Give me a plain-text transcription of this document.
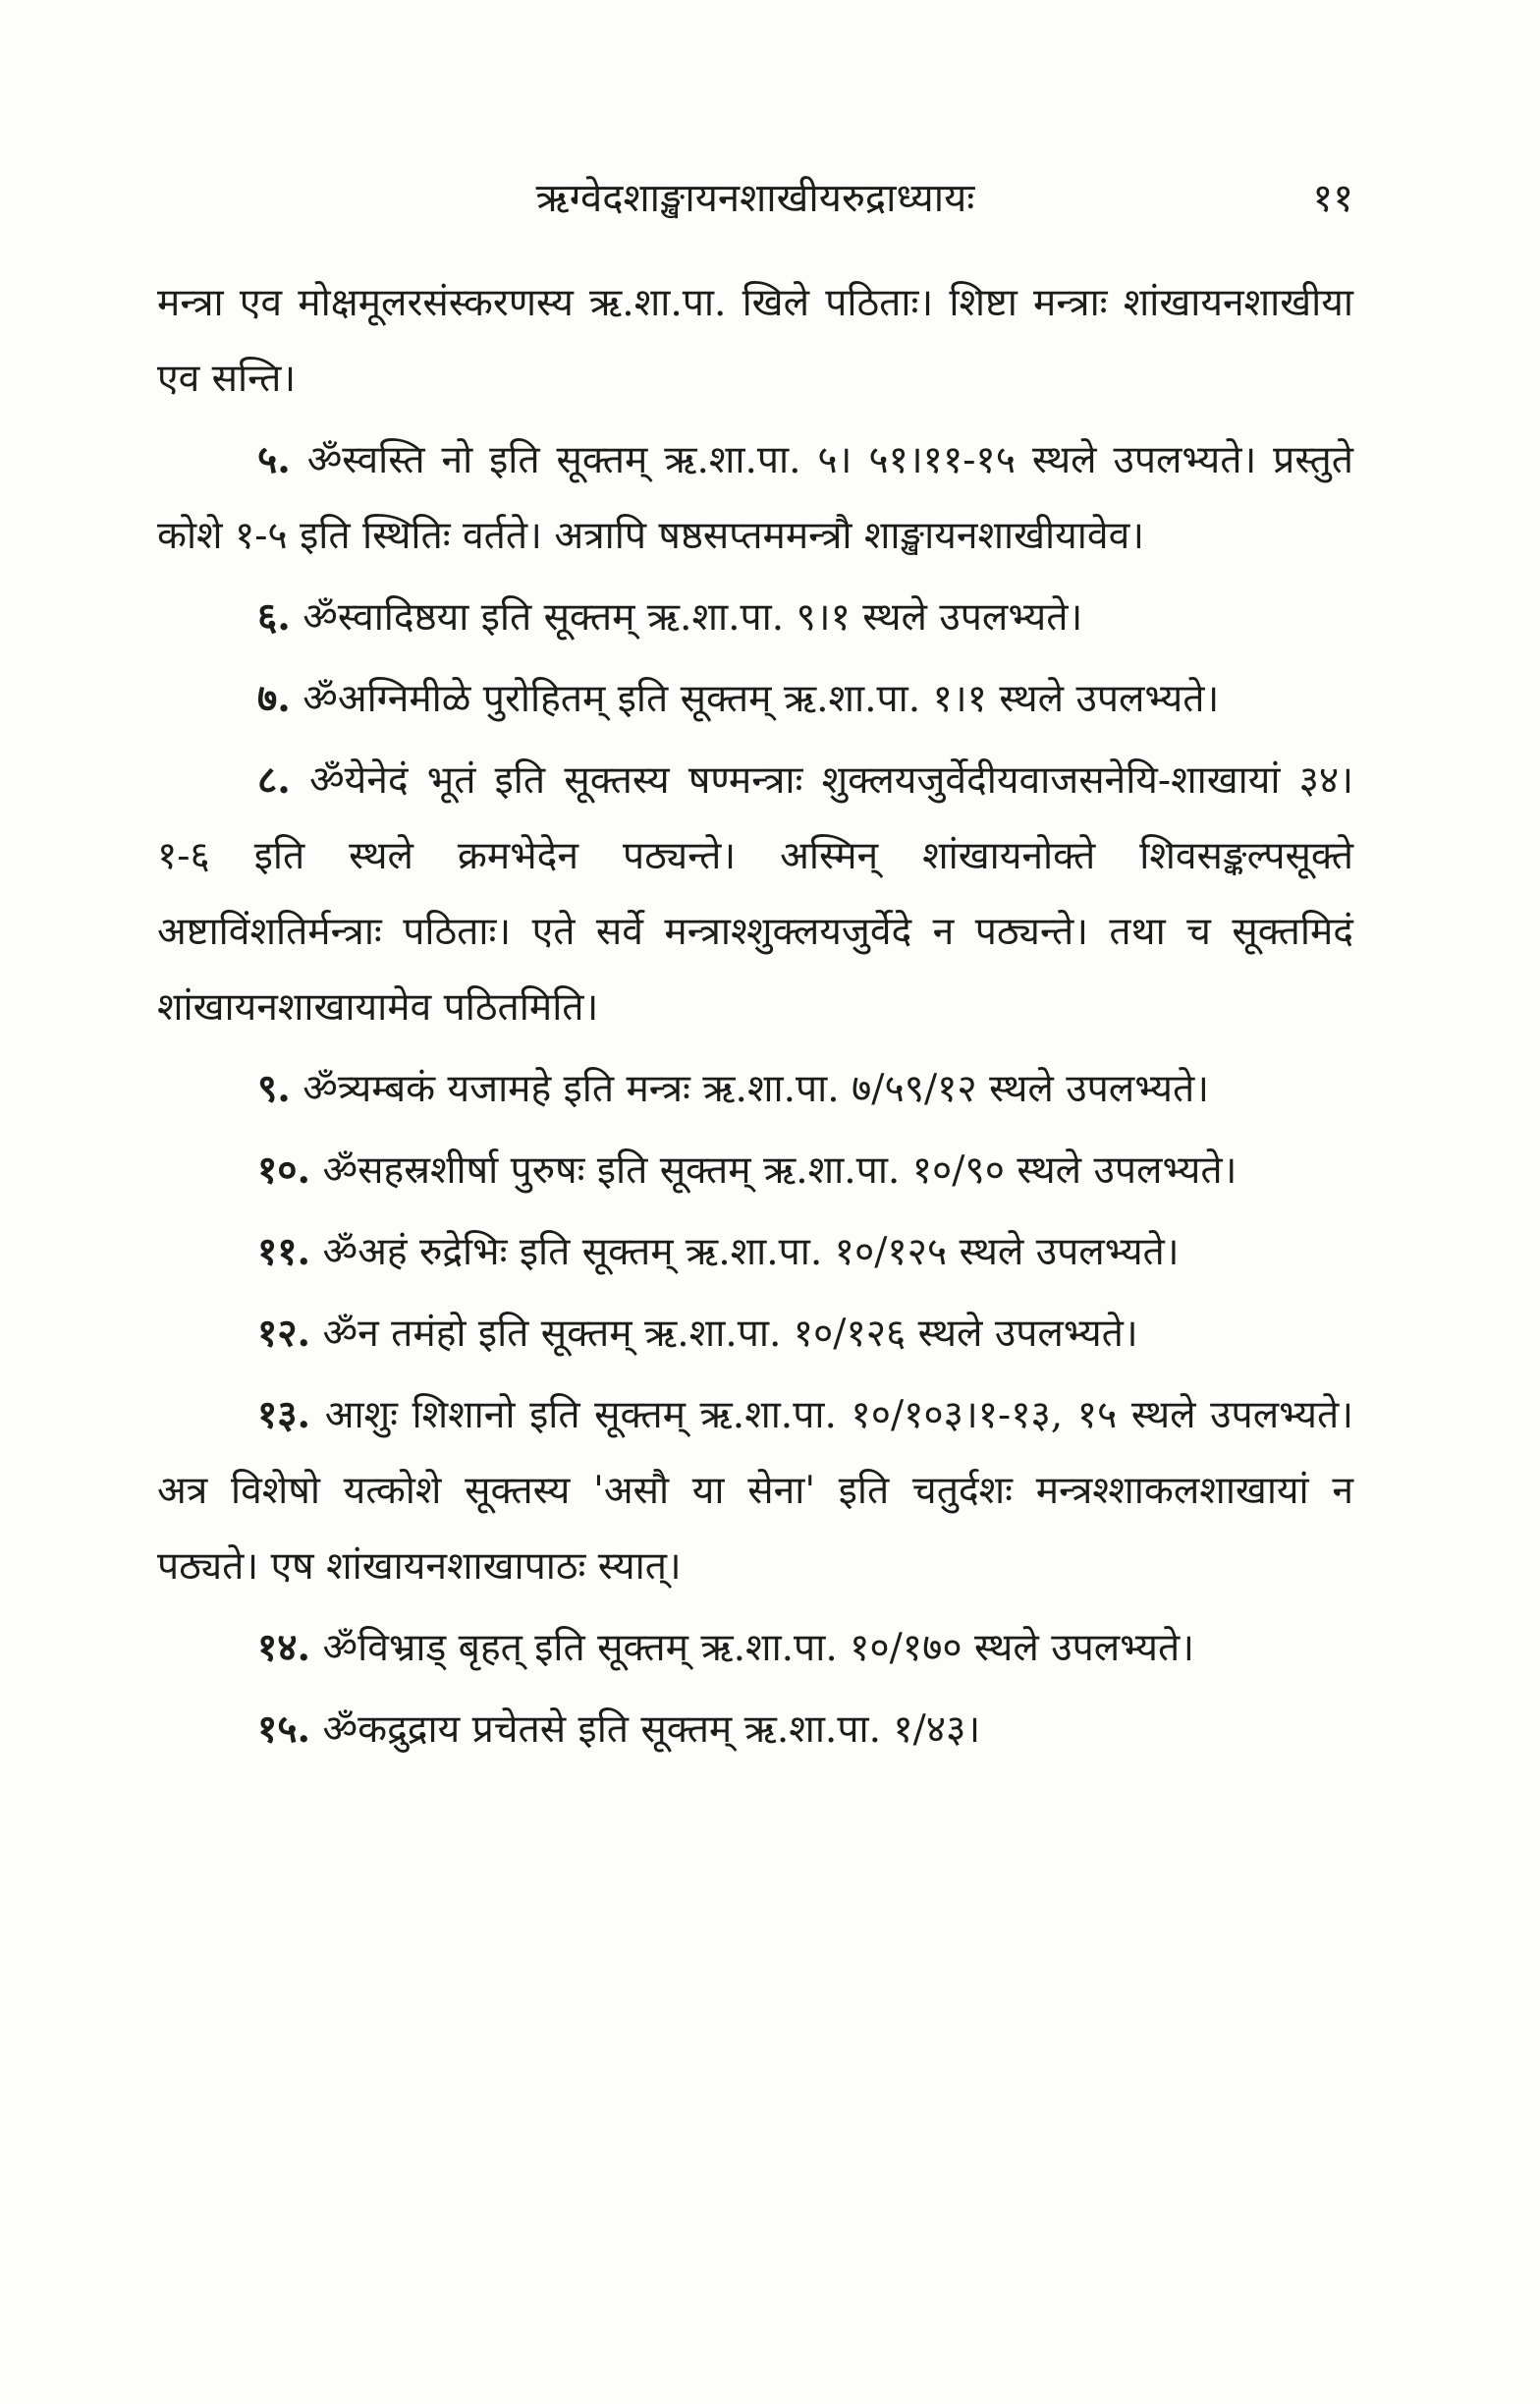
ऋग्वेदशाङ्खायनशाखीयरुद्राध्यायः	११

मन्त्रा एव मोक्षमूलरसंस्करणस्य ऋ.शा.पा. खिले पठिताः। शिष्टा मन्त्राः शांखायनशाखीया एव सन्ति।

५. ॐस्वस्ति नो इति सूक्तम् ऋ.शा.पा. ५। ५१।११-१५ स्थले उपलभ्यते। प्रस्तुते कोशे १-५ इति स्थितिः वर्तते। अत्रापि षष्ठसप्तममन्त्रौ शाङ्खायनशाखीयावेव।

६. ॐस्वादिष्ठया इति सूक्तम् ऋ.शा.पा. ९।१ स्थले उपलभ्यते।

७. ॐअग्निमीळे पुरोहितम् इति सूक्तम् ऋ.शा.पा. १।१ स्थले उपलभ्यते।

८. ॐयेनेदं भूतं इति सूक्तस्य षण्मन्त्राः शुक्लयजुर्वेदीयवाजसनेयि-शाखायां ३४।१-६ इति स्थले क्रमभेदेन पठ्यन्ते। अस्मिन् शांखायनोक्ते शिवसङ्कल्पसूक्ते अष्टाविंशतिर्मन्त्राः पठिताः। एते सर्वे मन्त्राश्शुक्लयजुर्वेदे न पठ्यन्ते। तथा च सूक्तमिदं शांखायनशाखायामेव पठितमिति।

९. ॐत्र्यम्बकं यजामहे इति मन्त्रः ऋ.शा.पा. ७/५९/१२ स्थले उपलभ्यते।

१०. ॐसहस्रशीर्षा पुरुषः इति सूक्तम् ऋ.शा.पा. १०/९० स्थले उपलभ्यते।

११. ॐअहं रुद्रेभिः इति सूक्तम् ऋ.शा.पा. १०/१२५ स्थले उपलभ्यते।

१२. ॐन तमंहो इति सूक्तम् ऋ.शा.पा. १०/१२६ स्थले उपलभ्यते।

१३. आशुः शिशानो इति सूक्तम् ऋ.शा.पा. १०/१०३।१-१३, १५ स्थले उपलभ्यते। अत्र विशेषो यत्कोशे सूक्तस्य 'असौ या सेना' इति चतुर्दशः मन्त्रश्शाकलशाखायां न पठ्यते। एष शांखायनशाखापाठः स्यात्।

१४. ॐविभ्राड् बृहत् इति सूक्तम् ऋ.शा.पा. १०/१७० स्थले उपलभ्यते।

१५. ॐकद्रुद्राय प्रचेतसे इति सूक्तम् ऋ.शा.पा. १/४३।
